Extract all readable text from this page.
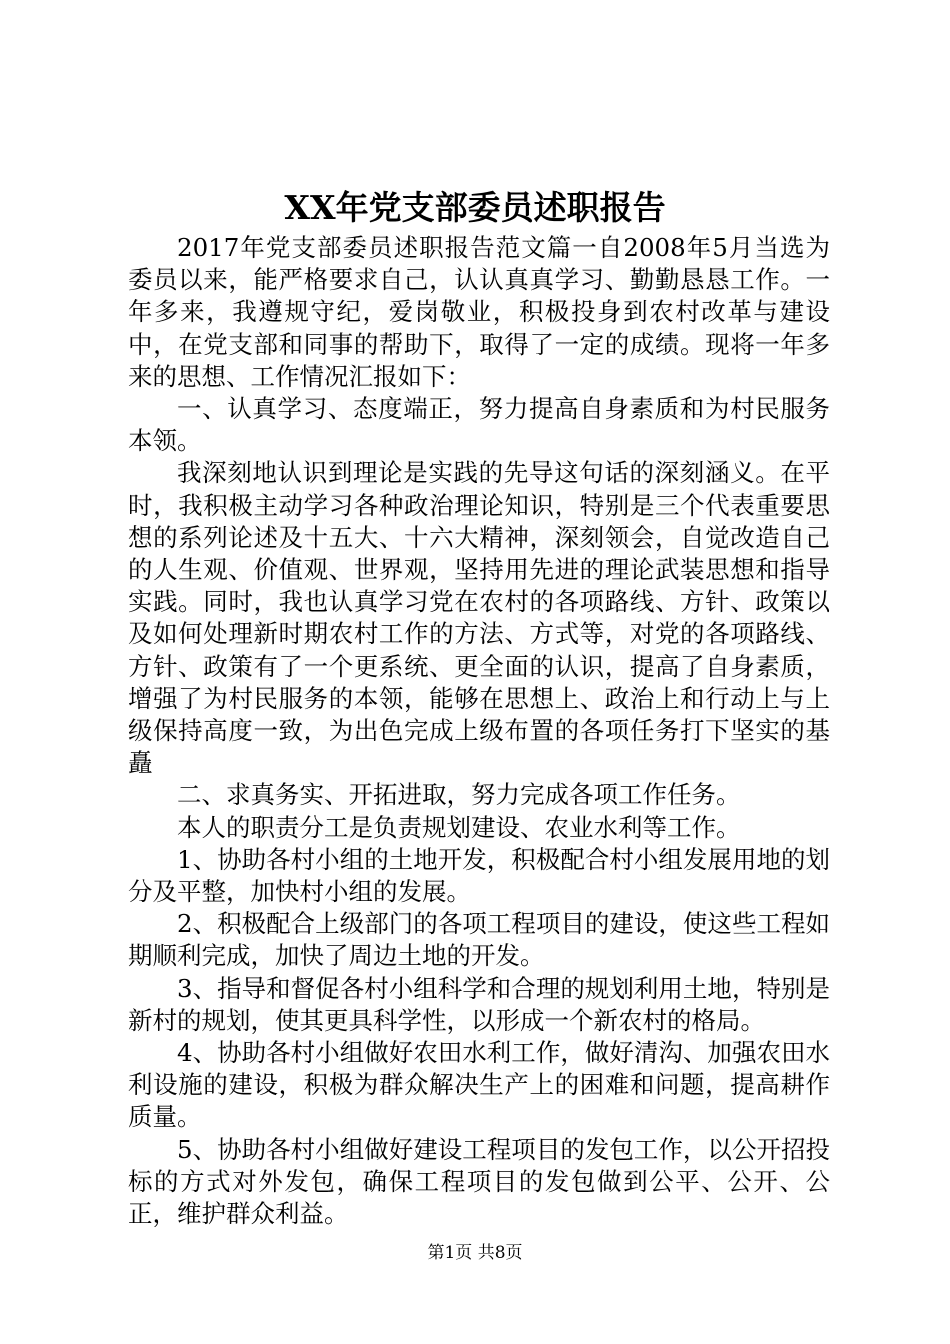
XX年党支部委员述职报告

2017年党支部委员述职报告范文篇一自2008年5月当选为委员以来，能严格要求自己，认认真真学习、勤勤恳恳工作。一年多来，我遵规守纪，爱岗敬业，积极投身到农村改革与建设中，在党支部和同事的帮助下，取得了一定的成绩。现将一年多来的思想、工作情况汇报如下：

一、认真学习、态度端正，努力提高自身素质和为村民服务本领。

我深刻地认识到理论是实践的先导这句话的深刻涵义。在平时，我积极主动学习各种政治理论知识，特别是三个代表重要思想的系列论述及十五大、十六大精神，深刻领会，自觉改造自己的人生观、价值观、世界观，坚持用先进的理论武装思想和指导实践。同时，我也认真学习党在农村的各项路线、方针、政策以及如何处理新时期农村工作的方法、方式等，对党的各项路线、方针、政策有了一个更系统、更全面的认识，提高了自身素质，增强了为村民服务的本领，能够在思想上、政治上和行动上与上级保持高度一致，为出色完成上级布置的各项任务打下坚实的基矗

二、求真务实、开拓进取，努力完成各项工作任务。

本人的职责分工是负责规划建设、农业水利等工作。

1、协助各村小组的土地开发，积极配合村小组发展用地的划分及平整，加快村小组的发展。

2、积极配合上级部门的各项工程项目的建设，使这些工程如期顺利完成，加快了周边土地的开发。

3、指导和督促各村小组科学和合理的规划利用土地，特别是新村的规划，使其更具科学性，以形成一个新农村的格局。

4、协助各村小组做好农田水利工作，做好清沟、加强农田水利设施的建设，积极为群众解决生产上的困难和问题，提高耕作质量。

5、协助各村小组做好建设工程项目的发包工作，以公开招投标的方式对外发包，确保工程项目的发包做到公平、公开、公正，维护群众利益。

第1页 共8页
